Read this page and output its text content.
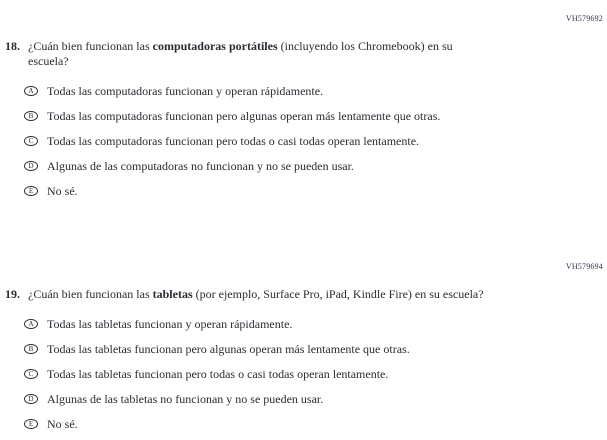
VH579692
18. ¿Cuán bien funcionan las computadoras portátiles (incluyendo los Chromebook) en su escuela?
A	Todas las computadoras funcionan y operan rápidamente.
B	Todas las computadoras funcionan pero algunas operan más lentamente que otras.
C	Todas las computadoras funcionan pero todas o casi todas operan lentamente.
D	Algunas de las computadoras no funcionan y no se pueden usar.
E	No sé.
VH579694
19. ¿Cuán bien funcionan las tabletas (por ejemplo, Surface Pro, iPad, Kindle Fire) en su escuela?
A	Todas las tabletas funcionan y operan rápidamente.
B	Todas las tabletas funcionan pero algunas operan más lentamente que otras.
C	Todas las tabletas funcionan pero todas o casi todas operan lentamente.
D	Algunas de las tabletas no funcionan y no se pueden usar.
E	No sé.
